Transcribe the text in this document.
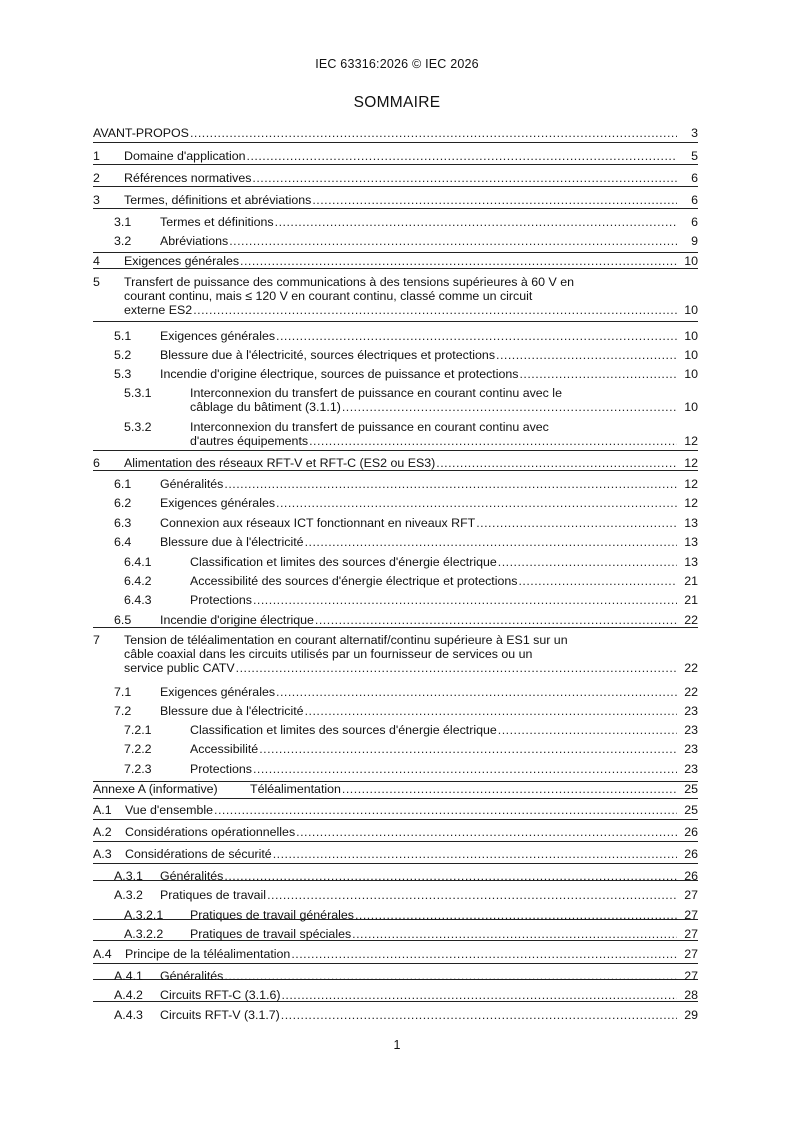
IEC 63316:2026 © IEC 2026
SOMMAIRE
AVANT-PROPOS .....	3
1	Domaine d'application .....	5
2	Références normatives .....	6
3	Termes, définitions et abréviations .....	6
3.1	Termes et définitions .....	6
3.2	Abréviations .....	9
4	Exigences générales .....	10
5	Transfert de puissance des communications à des tensions supérieures à 60 V en
courant continu, mais ≤ 120 V en courant continu, classé comme un circuit
externe ES2 .....	10
5.1	Exigences générales .....	10
5.2	Blessure due à l'électricité, sources électriques et protections .....	10
5.3	Incendie d'origine électrique, sources de puissance et protections .....	10
5.3.1	Interconnexion du transfert de puissance en courant continu avec le
câblage du bâtiment (3.1.1) .....	10
5.3.2	Interconnexion du transfert de puissance en courant continu avec
d'autres équipements .....	12
6	Alimentation des réseaux RFT-V et RFT-C (ES2 ou ES3) .....	12
6.1	Généralités .....	12
6.2	Exigences générales .....	12
6.3	Connexion aux réseaux ICT fonctionnant en niveaux RFT .....	13
6.4	Blessure due à l'électricité .....	13
6.4.1	Classification et limites des sources d'énergie électrique .....	13
6.4.2	Accessibilité des sources d'énergie électrique et protections .....	21
6.4.3	Protections .....	21
6.5	Incendie d'origine électrique .....	22
7	Tension de téléalimentation en courant alternatif/continu supérieure à ES1 sur un
câble coaxial dans les circuits utilisés par un fournisseur de services ou un
service public CATV .....	22
7.1	Exigences générales .....	22
7.2	Blessure due à l'électricité .....	23
7.2.1	Classification et limites des sources d'énergie électrique .....	23
7.2.2	Accessibilité .....	23
7.2.3	Protections .....	23
Annexe A (informative)	Téléalimentation .....	25
A.1	Vue d'ensemble .....	25
A.2	Considérations opérationnelles .....	26
A.3	Considérations de sécurité .....	26
A.3.1	Généralités .....	26
A.3.2	Pratiques de travail .....	27
A.3.2.1	Pratiques de travail générales .....	27
A.3.2.2	Pratiques de travail spéciales .....	27
A.4	Principe de la téléalimentation .....	27
A.4.1	Généralités .....	27
A.4.2	Circuits RFT-C (3.1.6) .....	28
A.4.3	Circuits RFT-V (3.1.7) .....	29
1
